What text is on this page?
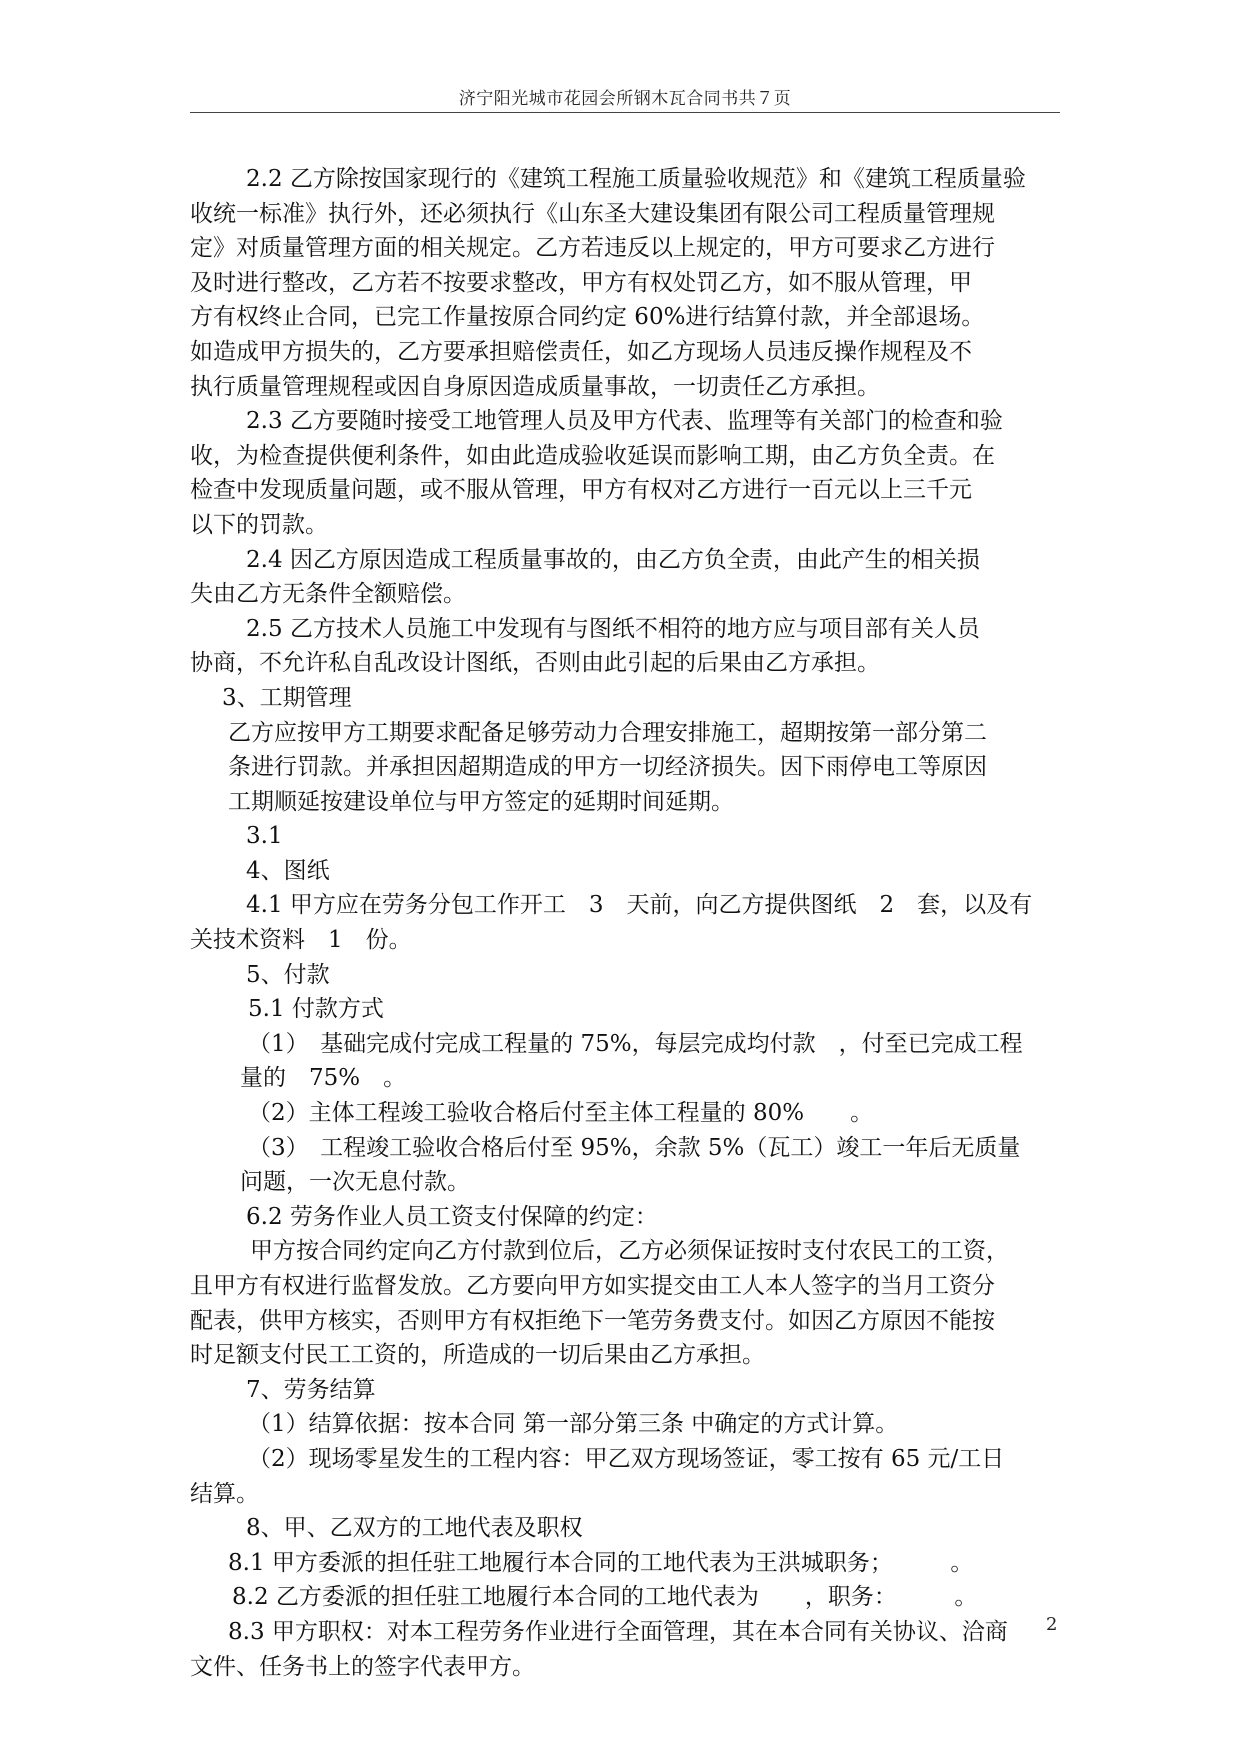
济宁阳光城市花园会所钢木瓦合同书共７页

2.2 乙方除按国家现行的《建筑工程施工质量验收规范》和《建筑工程质量验

收统一标准》执行外，还必须执行《山东圣大建设集团有限公司工程质量管理规

定》对质量管理方面的相关规定。乙方若违反以上规定的，甲方可要求乙方进行

及时进行整改，乙方若不按要求整改，甲方有权处罚乙方，如不服从管理，甲

方有权终止合同，已完工作量按原合同约定 60%进行结算付款，并全部退场。

如造成甲方损失的，乙方要承担赔偿责任，如乙方现场人员违反操作规程及不

执行质量管理规程或因自身原因造成质量事故，一切责任乙方承担。

2.3 乙方要随时接受工地管理人员及甲方代表、监理等有关部门的检查和验

收，为检查提供便利条件，如由此造成验收延误而影响工期，由乙方负全责。在

检查中发现质量问题，或不服从管理，甲方有权对乙方进行一百元以上三千元

以下的罚款。

2.4 因乙方原因造成工程质量事故的，由乙方负全责，由此产生的相关损

失由乙方无条件全额赔偿。

2.5 乙方技术人员施工中发现有与图纸不相符的地方应与项目部有关人员

协商，不允许私自乱改设计图纸，否则由此引起的后果由乙方承担。

3、工期管理

乙方应按甲方工期要求配备足够劳动力合理安排施工，超期按第一部分第二

条进行罚款。并承担因超期造成的甲方一切经济损失。因下雨停电工等原因

工期顺延按建设单位与甲方签定的延期时间延期。

3.1

4、图纸

4.1 甲方应在劳务分包工作开工　3　天前，向乙方提供图纸　2　套，以及有

关技术资料　1　份。

5、付款

5.1 付款方式

（1）　基础完成付完成工程量的 75%，每层完成均付款　，付至已完成工程

量的　75%　。

（2）主体工程竣工验收合格后付至主体工程量的 80%　　。

（3）　工程竣工验收合格后付至 95%，余款 5%（瓦工）竣工一年后无质量

问题，一次无息付款。

6.2 劳务作业人员工资支付保障的约定：

甲方按合同约定向乙方付款到位后，乙方必须保证按时支付农民工的工资，

且甲方有权进行监督发放。乙方要向甲方如实提交由工人本人签字的当月工资分

配表，供甲方核实，否则甲方有权拒绝下一笔劳务费支付。如因乙方原因不能按

时足额支付民工工资的，所造成的一切后果由乙方承担。

7、劳务结算

（1）结算依据：按本合同 第一部分第三条 中确定的方式计算。

（2）现场零星发生的工程内容：甲乙双方现场签证，零工按有 65 元/工日

结算。

8、甲、乙双方的工地代表及职权

8.1 甲方委派的担任驻工地履行本合同的工地代表为王洪城职务；　　　。

8.2 乙方委派的担任驻工地履行本合同的工地代表为　　，职务：　　　。

8.3 甲方职权：对本工程劳务作业进行全面管理，其在本合同有关协议、洽商

文件、任务书上的签字代表甲方。

2
